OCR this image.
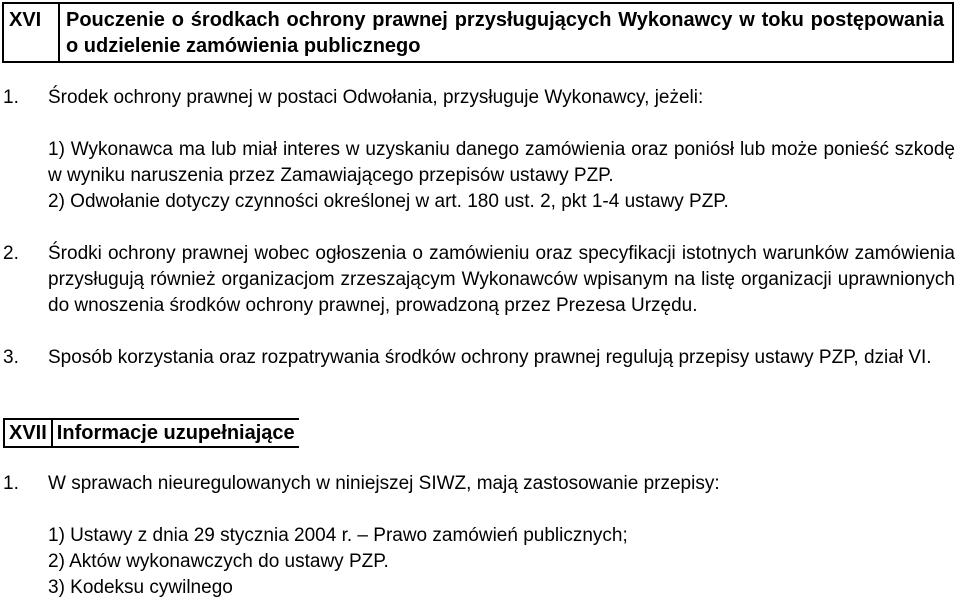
XVI	Pouczenie o środkach ochrony prawnej przysługujących Wykonawcy w toku postępowania o udzielenie zamówienia publicznego
1. Środek ochrony prawnej w postaci Odwołania, przysługuje Wykonawcy, jeżeli:
1) Wykonawca ma lub miał interes w uzyskaniu danego zamówienia oraz poniósł lub może ponieść szkodę w wyniku naruszenia przez Zamawiającego przepisów ustawy PZP.
2) Odwołanie dotyczy czynności określonej w art. 180 ust. 2, pkt 1-4 ustawy PZP.
2.	Środki ochrony prawnej wobec ogłoszenia o zamówieniu oraz specyfikacji istotnych warunków zamówienia przysługują również organizacjom zrzeszającym Wykonawców wpisanym na listę organizacji uprawnionych do wnoszenia środków ochrony prawnej, prowadzoną przez Prezesa Urzędu.
3.	Sposób korzystania oraz rozpatrywania środków ochrony prawnej regulują przepisy ustawy PZP, dział VI.
XVII Informacje uzupełniające
1. W sprawach nieuregulowanych w niniejszej SIWZ, mają zastosowanie przepisy:
1) Ustawy z dnia 29 stycznia 2004 r. – Prawo zamówień publicznych;
2) Aktów wykonawczych do ustawy PZP.
3) Kodeksu cywilnego
